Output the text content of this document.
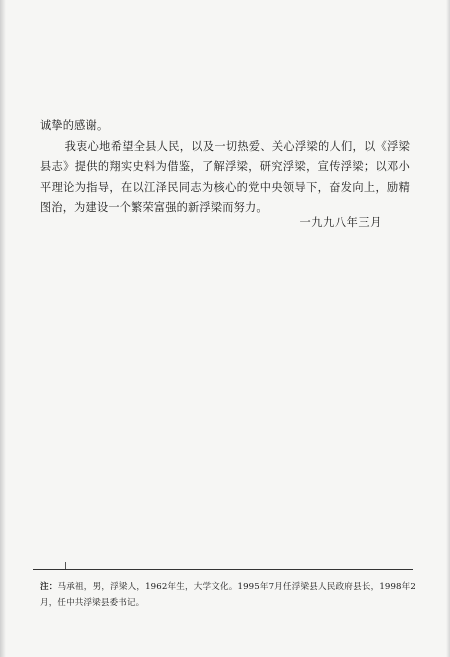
诚挚的感谢。

我衷心地希望全县人民，以及一切热爱、关心浮梁的人们，以《浮梁县志》提供的翔实史料为借鉴，了解浮梁，研究浮梁，宣传浮梁；以邓小平理论为指导，在以江泽民同志为核心的党中央领导下，奋发向上，励精图治，为建设一个繁荣富强的新浮梁而努力。

一九九八年三月
注：马承祖，男，浮梁人，1962年生，大学文化。1995年7月任浮梁县人民政府县长，1998年2月，任中共浮梁县委书记。
